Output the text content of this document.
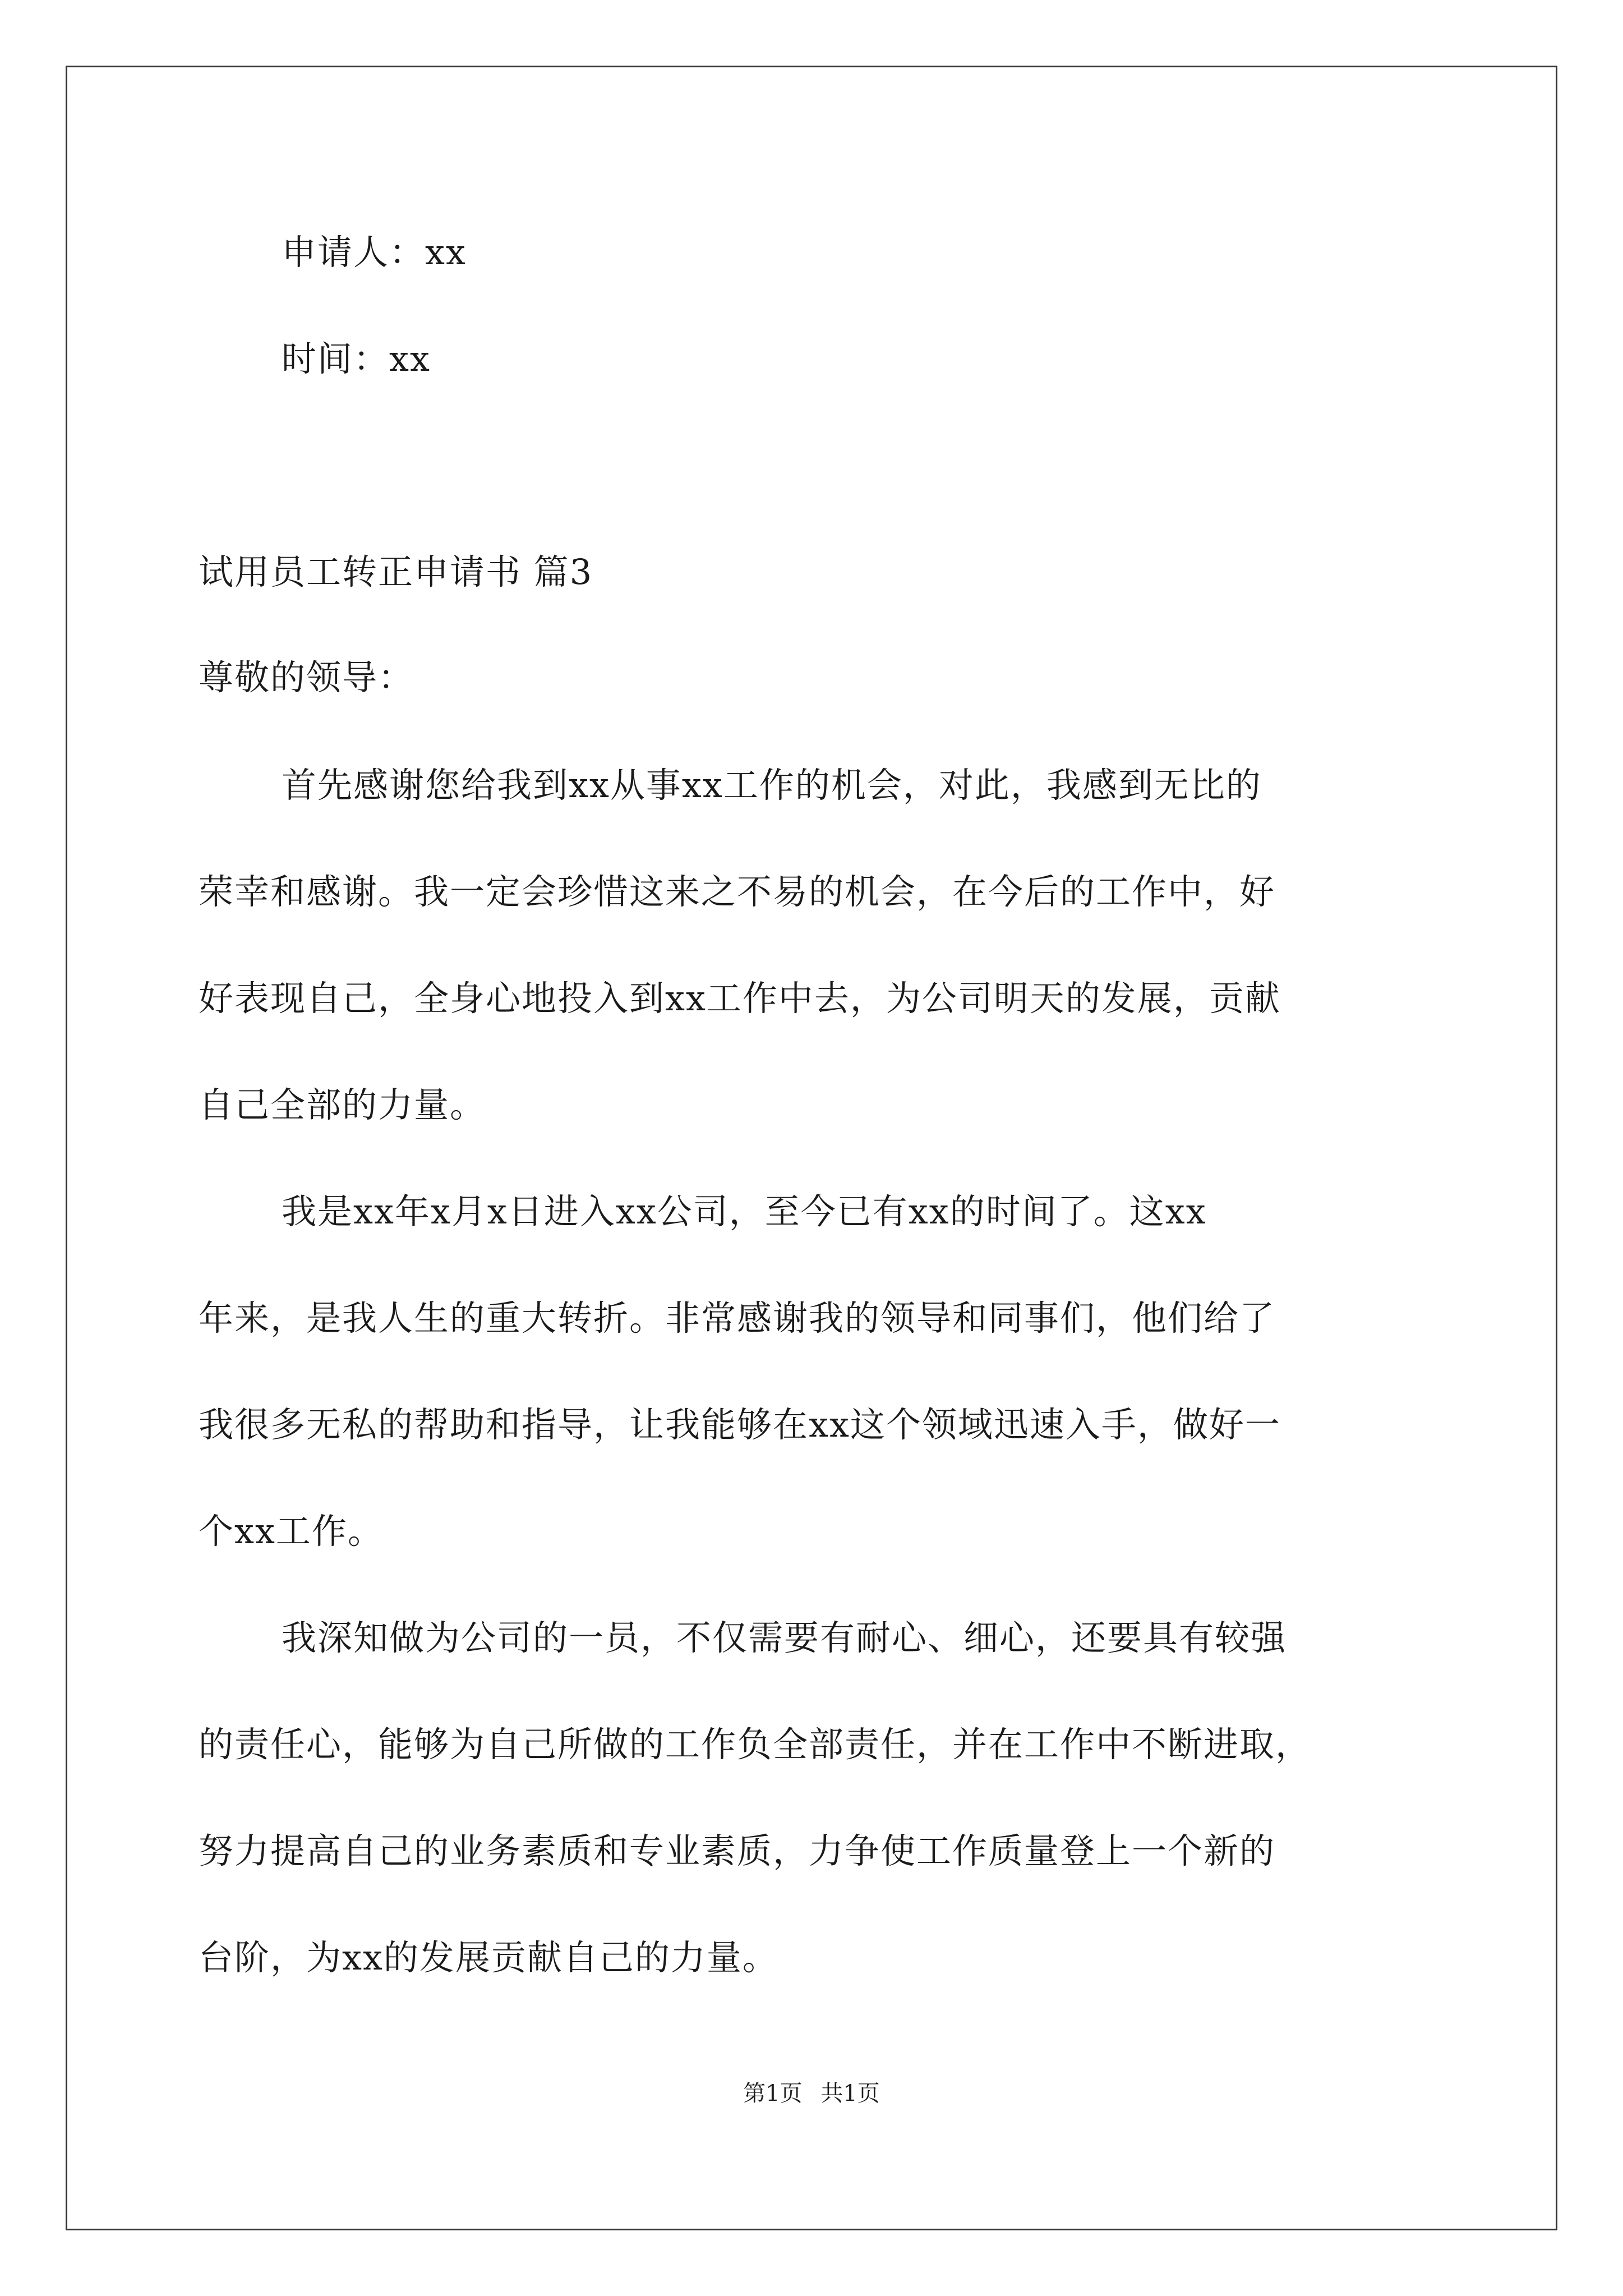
申请人：xx
时间：xx
试用员工转正申请书 篇3
尊敬的领导：
首先感谢您给我到xx从事xx工作的机会，对此，我感到无比的
荣幸和感谢。我一定会珍惜这来之不易的机会，在今后的工作中，好
好表现自己，全身心地投入到xx工作中去，为公司明天的发展，贡献
自己全部的力量。
我是xx年x月x日进入xx公司，至今已有xx的时间了。这xx
年来，是我人生的重大转折。非常感谢我的领导和同事们，他们给了
我很多无私的帮助和指导，让我能够在xx这个领域迅速入手，做好一
个xx工作。
我深知做为公司的一员，不仅需要有耐心、细心，还要具有较强
的责任心，能够为自己所做的工作负全部责任，并在工作中不断进取，
努力提高自己的业务素质和专业素质，力争使工作质量登上一个新的
台阶，为xx的发展贡献自己的力量。
第1页 共1页
